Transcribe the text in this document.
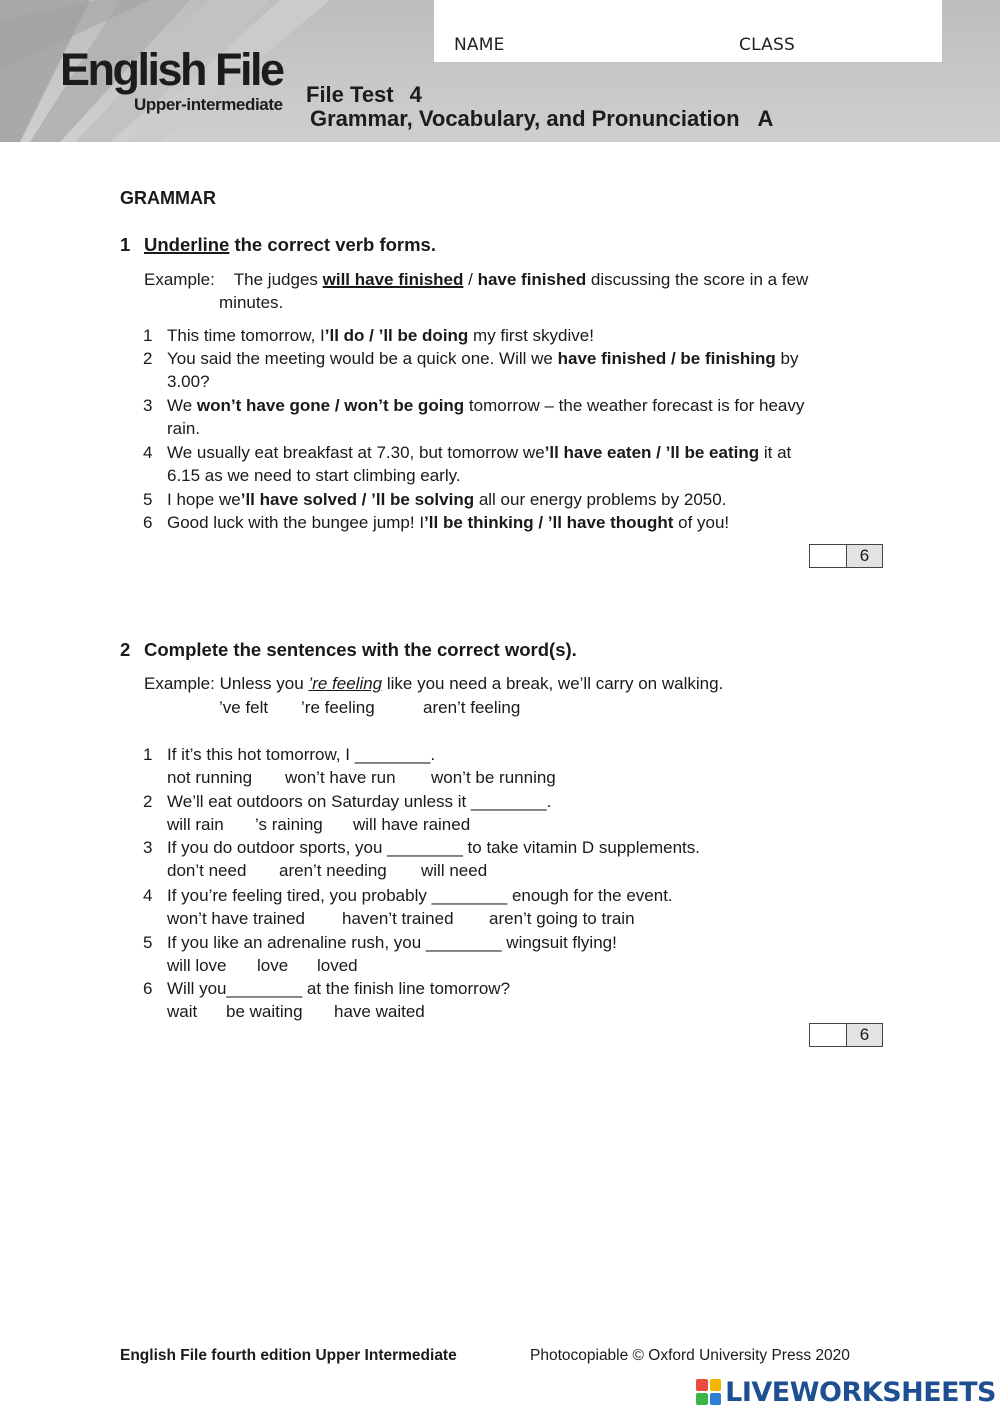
NAME	CLASS
English File
Upper-intermediate File Test 4
Grammar, Vocabulary, and Pronunciation A
GRAMMAR
1 Underline the correct verb forms.
Example: The judges will have finished / have finished discussing the score in a few
minutes.
1 This time tomorrow, I’ll do / ’ll be doing my first skydive!
2 You said the meeting would be a quick one. Will we have finished / be finishing by
3.00?
3 We won’t have gone / won’t be going tomorrow – the weather forecast is for heavy
rain.
4 We usually eat breakfast at 7.30, but tomorrow we’ll have eaten / ’ll be eating it at
6.15 as we need to start climbing early.
5 I hope we’ll have solved / ’ll be solving all our energy problems by 2050.
6 Good luck with the bungee jump! I’ll be thinking / ’ll have thought of you!
6
2 Complete the sentences with the correct word(s).
Example: Unless you ’re feeling like you need a break, we’ll carry on walking.
’ve felt ’re feeling	aren’t feeling
1 If it’s this hot tomorrow, I ________.
not running won’t have run won’t be running
2 We’ll eat outdoors on Saturday unless it ________.
will rain ’s raining will have rained
3 If you do outdoor sports, you ________ to take vitamin D supplements.
don’t need aren’t needing will need
4 If you’re feeling tired, you probably ________ enough for the event.
won’t have trained haven’t trained aren’t going to train
5 If you like an adrenaline rush, you ________ wingsuit flying!
will love love loved
6 Will you________ at the finish line tomorrow?
wait be waiting have waited
6
English File fourth edition Upper Intermediate	Photocopiable © Oxford University Press 2020
LIVEWORKSHEETS
